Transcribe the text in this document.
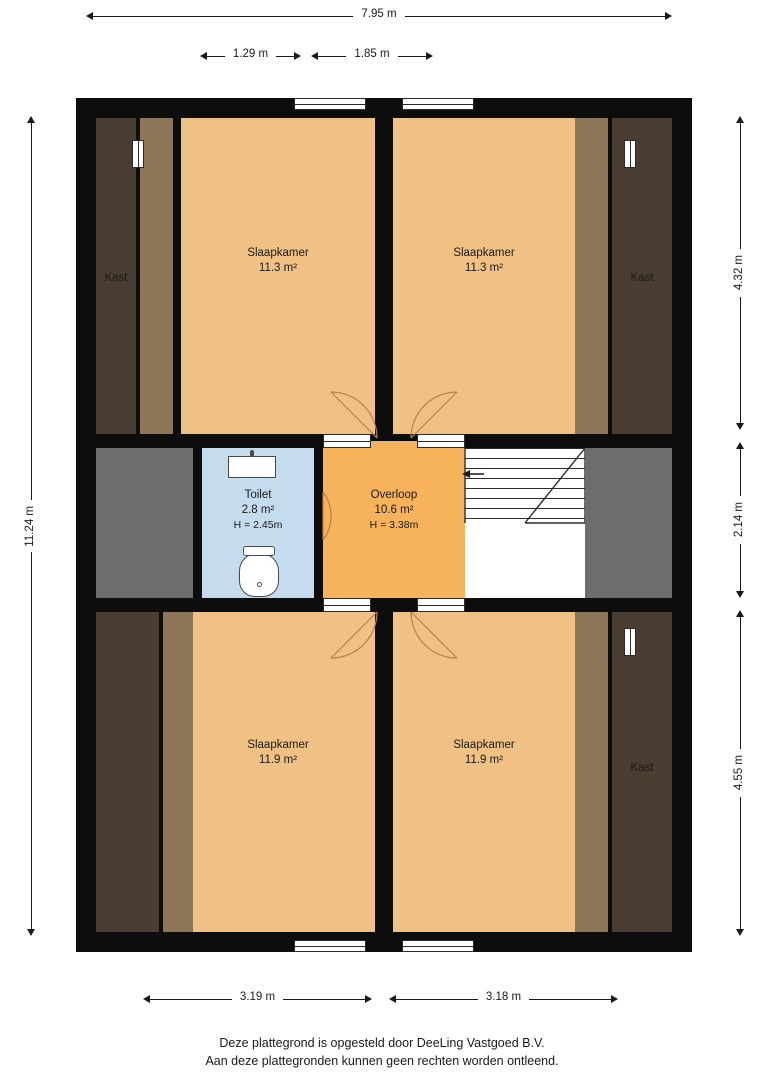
7.95 m
1.29 m	1.85 m
11.24 m
4.32 m
2.14 m
4.55 m
3.19 m	3.18 m
Slaapkamer
11.3 m²
Slaapkamer
11.3 m²
Toilet
2.8 m²
H = 2.45m
Overloop
10.6 m²
H = 3.38m
Slaapkamer
11.9 m²
Slaapkamer
11.9 m²
Kast	Kast
Kast
Deze plattegrond is opgesteld door DeeLing Vastgoed B.V.
Aan deze plattegronden kunnen geen rechten worden ontleend.
